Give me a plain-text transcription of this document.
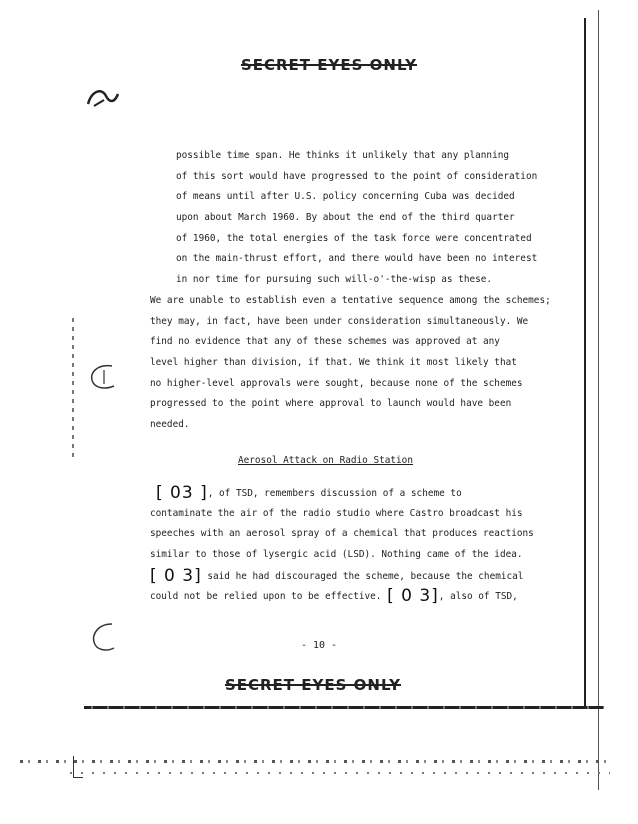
SECRET EYES ONLY
possible time span. He thinks it unlikely that any planning
of this sort would have progressed to the point of consideration
of means until after U.S. policy concerning Cuba was decided
upon about March 1960. By about the end of the third quarter
of 1960, the total energies of the task force were concentrated
on the main-thrust effort, and there would have been no interest
in nor time for pursuing such will-o'-the-wisp as these.
We are unable to establish even a tentative sequence among the schemes;
they may, in fact, have been under consideration simultaneously. We
find no evidence that any of these schemes was approved at any
level higher than division, if that. We think it most likely that
no higher-level approvals were sought, because none of the schemes
progressed to the point where approval to launch would have been
needed.
Aerosol Attack on Radio Station
[ 03 ], of TSD, remembers discussion of a scheme to
contaminate the air of the radio studio where Castro broadcast his
speeches with an aerosol spray of a chemical that produces reactions
similar to those of lysergic acid (LSD). Nothing came of the idea.
[ 0 3] said he had discouraged the scheme, because the chemical
could not be relied upon to be effective. [ 0 3], also of TSD,
- 10 -
SECRET EYES ONLY
